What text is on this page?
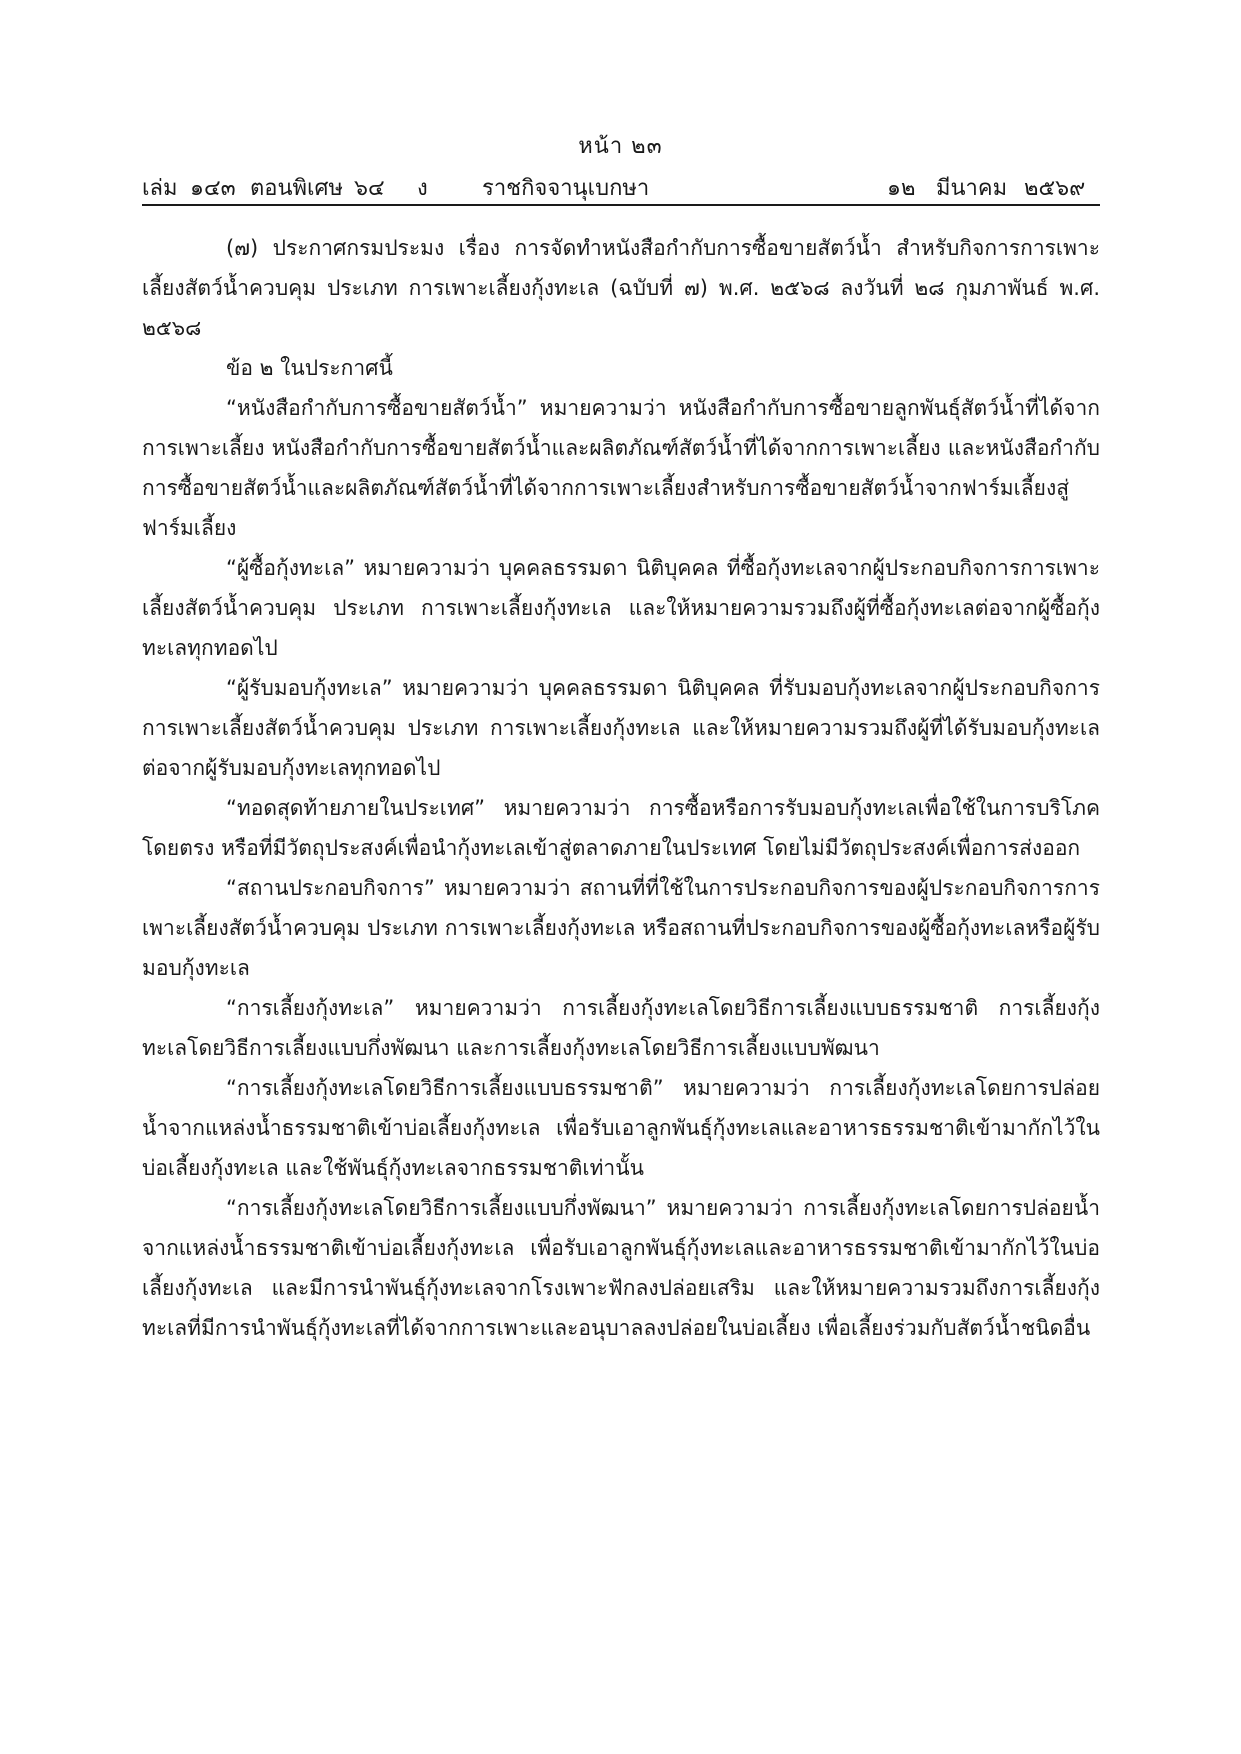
หน้า ๒๓
เล่ม ๑๔๓ ตอนพิเศษ ๖๔ ง ราชกิจจานุเบกษา	๑๒ มีนาคม ๒๕๖๙

(๗) ประกาศกรมประมง เรื่อง การจัดทำหนังสือกำกับการซื้อขายสัตว์น้ำ สำหรับกิจการการเพาะเลี้ยงสัตว์น้ำควบคุม ประเภท การเพาะเลี้ยงกุ้งทะเล (ฉบับที่ ๗) พ.ศ. ๒๕๖๘ ลงวันที่ ๒๘ กุมภาพันธ์ พ.ศ. ๒๕๖๘

ข้อ ๒ ในประกาศนี้

“หนังสือกำกับการซื้อขายสัตว์น้ำ” หมายความว่า หนังสือกำกับการซื้อขายลูกพันธุ์สัตว์น้ำที่ได้จากการเพาะเลี้ยง หนังสือกำกับการซื้อขายสัตว์น้ำและผลิตภัณฑ์สัตว์น้ำที่ได้จากการเพาะเลี้ยง และหนังสือกำกับการซื้อขายสัตว์น้ำและผลิตภัณฑ์สัตว์น้ำที่ได้จากการเพาะเลี้ยงสำหรับการซื้อขายสัตว์น้ำจากฟาร์มเลี้ยงสู่ฟาร์มเลี้ยง

“ผู้ซื้อกุ้งทะเล” หมายความว่า บุคคลธรรมดา นิติบุคคล ที่ซื้อกุ้งทะเลจากผู้ประกอบกิจการการเพาะเลี้ยงสัตว์น้ำควบคุม ประเภท การเพาะเลี้ยงกุ้งทะเล และให้หมายความรวมถึงผู้ที่ซื้อกุ้งทะเลต่อจากผู้ซื้อกุ้งทะเลทุกทอดไป

“ผู้รับมอบกุ้งทะเล” หมายความว่า บุคคลธรรมดา นิติบุคคล ที่รับมอบกุ้งทะเลจากผู้ประกอบกิจการการเพาะเลี้ยงสัตว์น้ำควบคุม ประเภท การเพาะเลี้ยงกุ้งทะเล และให้หมายความรวมถึงผู้ที่ได้รับมอบกุ้งทะเลต่อจากผู้รับมอบกุ้งทะเลทุกทอดไป

“ทอดสุดท้ายภายในประเทศ” หมายความว่า การซื้อหรือการรับมอบกุ้งทะเลเพื่อใช้ในการบริโภคโดยตรง หรือที่มีวัตถุประสงค์เพื่อนำกุ้งทะเลเข้าสู่ตลาดภายในประเทศ โดยไม่มีวัตถุประสงค์เพื่อการส่งออก

“สถานประกอบกิจการ” หมายความว่า สถานที่ที่ใช้ในการประกอบกิจการของผู้ประกอบกิจการการเพาะเลี้ยงสัตว์น้ำควบคุม ประเภท การเพาะเลี้ยงกุ้งทะเล หรือสถานที่ประกอบกิจการของผู้ซื้อกุ้งทะเลหรือผู้รับมอบกุ้งทะเล

“การเลี้ยงกุ้งทะเล” หมายความว่า การเลี้ยงกุ้งทะเลโดยวิธีการเลี้ยงแบบธรรมชาติ การเลี้ยงกุ้งทะเลโดยวิธีการเลี้ยงแบบกึ่งพัฒนา และการเลี้ยงกุ้งทะเลโดยวิธีการเลี้ยงแบบพัฒนา

“การเลี้ยงกุ้งทะเลโดยวิธีการเลี้ยงแบบธรรมชาติ” หมายความว่า การเลี้ยงกุ้งทะเลโดยการปล่อยน้ำจากแหล่งน้ำธรรมชาติเข้าบ่อเลี้ยงกุ้งทะเล เพื่อรับเอาลูกพันธุ์กุ้งทะเลและอาหารธรรมชาติเข้ามากักไว้ในบ่อเลี้ยงกุ้งทะเล และใช้พันธุ์กุ้งทะเลจากธรรมชาติเท่านั้น

“การเลี้ยงกุ้งทะเลโดยวิธีการเลี้ยงแบบกึ่งพัฒนา” หมายความว่า การเลี้ยงกุ้งทะเลโดยการปล่อยน้ำจากแหล่งน้ำธรรมชาติเข้าบ่อเลี้ยงกุ้งทะเล เพื่อรับเอาลูกพันธุ์กุ้งทะเลและอาหารธรรมชาติเข้ามากักไว้ในบ่อเลี้ยงกุ้งทะเล และมีการนำพันธุ์กุ้งทะเลจากโรงเพาะฟักลงปล่อยเสริม และให้หมายความรวมถึงการเลี้ยงกุ้งทะเลที่มีการนำพันธุ์กุ้งทะเลที่ได้จากการเพาะและอนุบาลลงปล่อยในบ่อเลี้ยง เพื่อเลี้ยงร่วมกับสัตว์น้ำชนิดอื่น
